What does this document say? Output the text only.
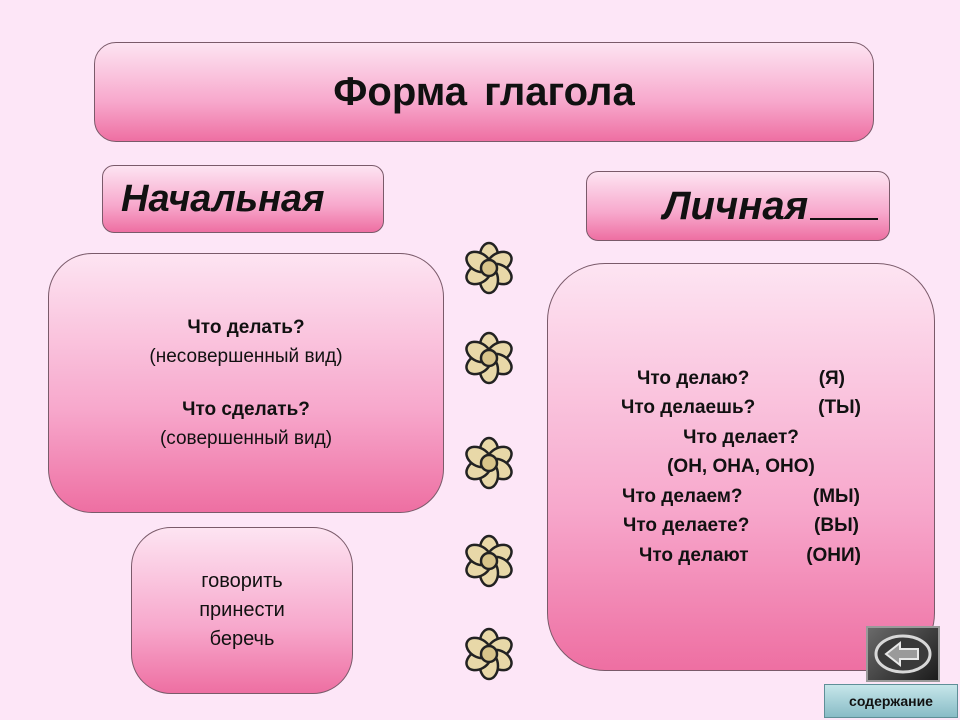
Форма глагола
Начальная	Личная
Что делать?
(несовершенный вид)
Что сделать?
(совершенный вид)
говорить
принести
беречь
Что делаю?	(Я)
Что делаешь?	(ТЫ)
Что делает?
(ОН, ОНА, ОНО)
Что делаем?	(МЫ)
Что делаете?	(ВЫ)
Что делают	(ОНИ)
содержание
